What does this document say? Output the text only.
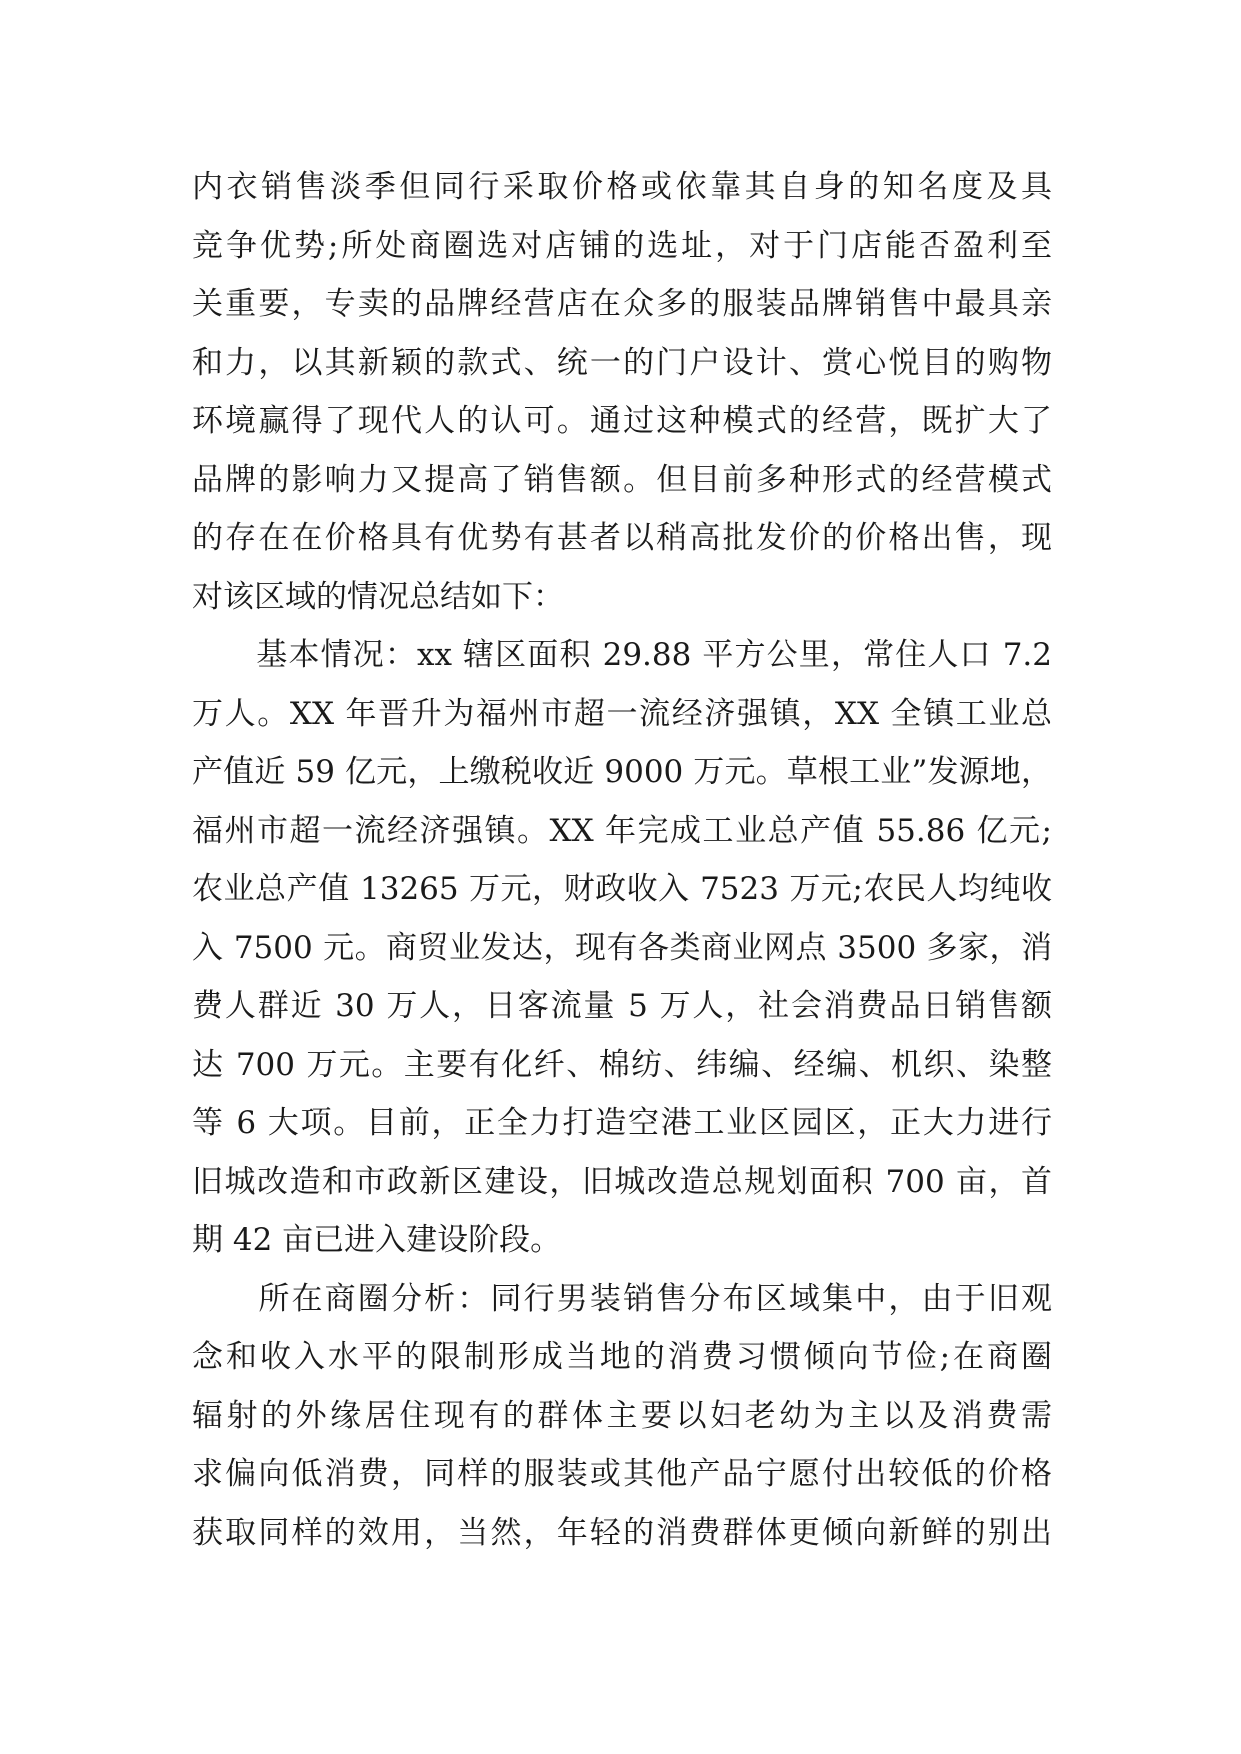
内衣销售淡季但同行采取价格或依靠其自身的知名度及具
竞争优势;所处商圈选对店铺的选址，对于门店能否盈利至
关重要，专卖的品牌经营店在众多的服装品牌销售中最具亲
和力，以其新颖的款式、统一的门户设计、赏心悦目的购物
环境赢得了现代人的认可。通过这种模式的经营，既扩大了
品牌的影响力又提高了销售额。但目前多种形式的经营模式
的存在在价格具有优势有甚者以稍高批发价的价格出售，现
对该区域的情况总结如下：
　　基本情况：xx 辖区面积 29.88 平方公里，常住人口 7.2
万人。XX 年晋升为福州市超一流经济强镇，XX 全镇工业总
产值近 59 亿元，上缴税收近 9000 万元。草根工业”发源地，
福州市超一流经济强镇。XX 年完成工业总产值 55.86 亿元;
农业总产值 13265 万元，财政收入 7523 万元;农民人均纯收
入 7500 元。商贸业发达，现有各类商业网点 3500 多家，消
费人群近 30 万人，日客流量 5 万人，社会消费品日销售额
达 700 万元。主要有化纤、棉纺、纬编、经编、机织、染整
等 6 大项。目前，正全力打造空港工业区园区，正大力进行
旧城改造和市政新区建设，旧城改造总规划面积 700 亩，首
期 42 亩已进入建设阶段。
　　所在商圈分析：同行男装销售分布区域集中，由于旧观
念和收入水平的限制形成当地的消费习惯倾向节俭;在商圈
辐射的外缘居住现有的群体主要以妇老幼为主以及消费需
求偏向低消费，同样的服装或其他产品宁愿付出较低的价格
获取同样的效用，当然，年轻的消费群体更倾向新鲜的别出
